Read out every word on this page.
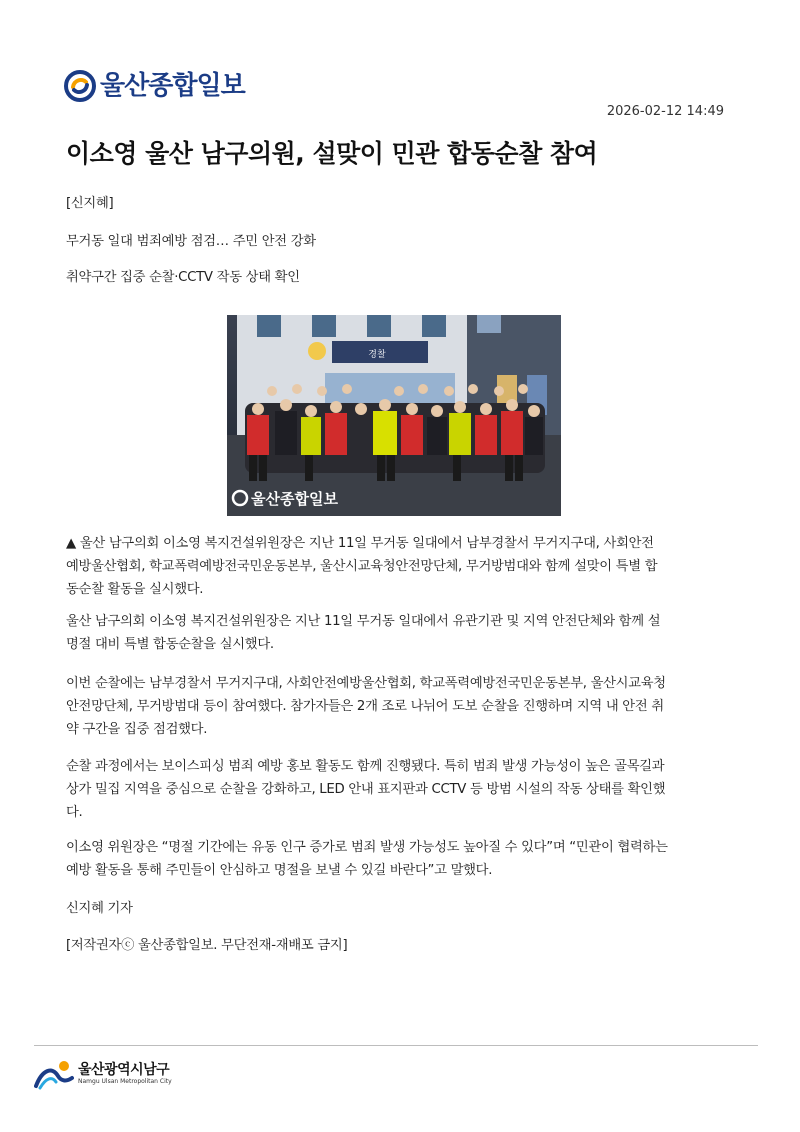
울산종합일보
2026-02-12 14:49
이소영 울산 남구의원, 설맞이 민관 합동순찰 참여
[신지혜]
무거동 일대 범죄예방 점검… 주민 안전 강화
취약구간 집중 순찰·CCTV 작동 상태 확인
경찰
울산종합일보
▲ 울산 남구의회 이소영 복지건설위원장은 지난 11일 무거동 일대에서 남부경찰서 무거지구대, 사회안전
예방울산협회, 학교폭력예방전국민운동본부, 울산시교육청안전망단체, 무거방범대와 함께 설맞이 특별 합
동순찰 활동을 실시했다.
울산 남구의회 이소영 복지건설위원장은 지난 11일 무거동 일대에서 유관기관 및 지역 안전단체와 함께 설
명절 대비 특별 합동순찰을 실시했다.
이번 순찰에는 남부경찰서 무거지구대, 사회안전예방울산협회, 학교폭력예방전국민운동본부, 울산시교육청
안전망단체, 무거방범대 등이 참여했다. 참가자들은 2개 조로 나뉘어 도보 순찰을 진행하며 지역 내 안전 취
약 구간을 집중 점검했다.
순찰 과정에서는 보이스피싱 범죄 예방 홍보 활동도 함께 진행됐다. 특히 범죄 발생 가능성이 높은 골목길과
상가 밀집 지역을 중심으로 순찰을 강화하고, LED 안내 표지판과 CCTV 등 방범 시설의 작동 상태를 확인했
다.
이소영 위원장은 “명절 기간에는 유동 인구 증가로 범죄 발생 가능성도 높아질 수 있다”며 “민관이 협력하는
예방 활동을 통해 주민들이 안심하고 명절을 보낼 수 있길 바란다”고 말했다.
신지혜 기자
[저작권자ⓒ 울산종합일보. 무단전재-재배포 금지]
울산광역시남구
Namgu Ulsan Metropolitan City
